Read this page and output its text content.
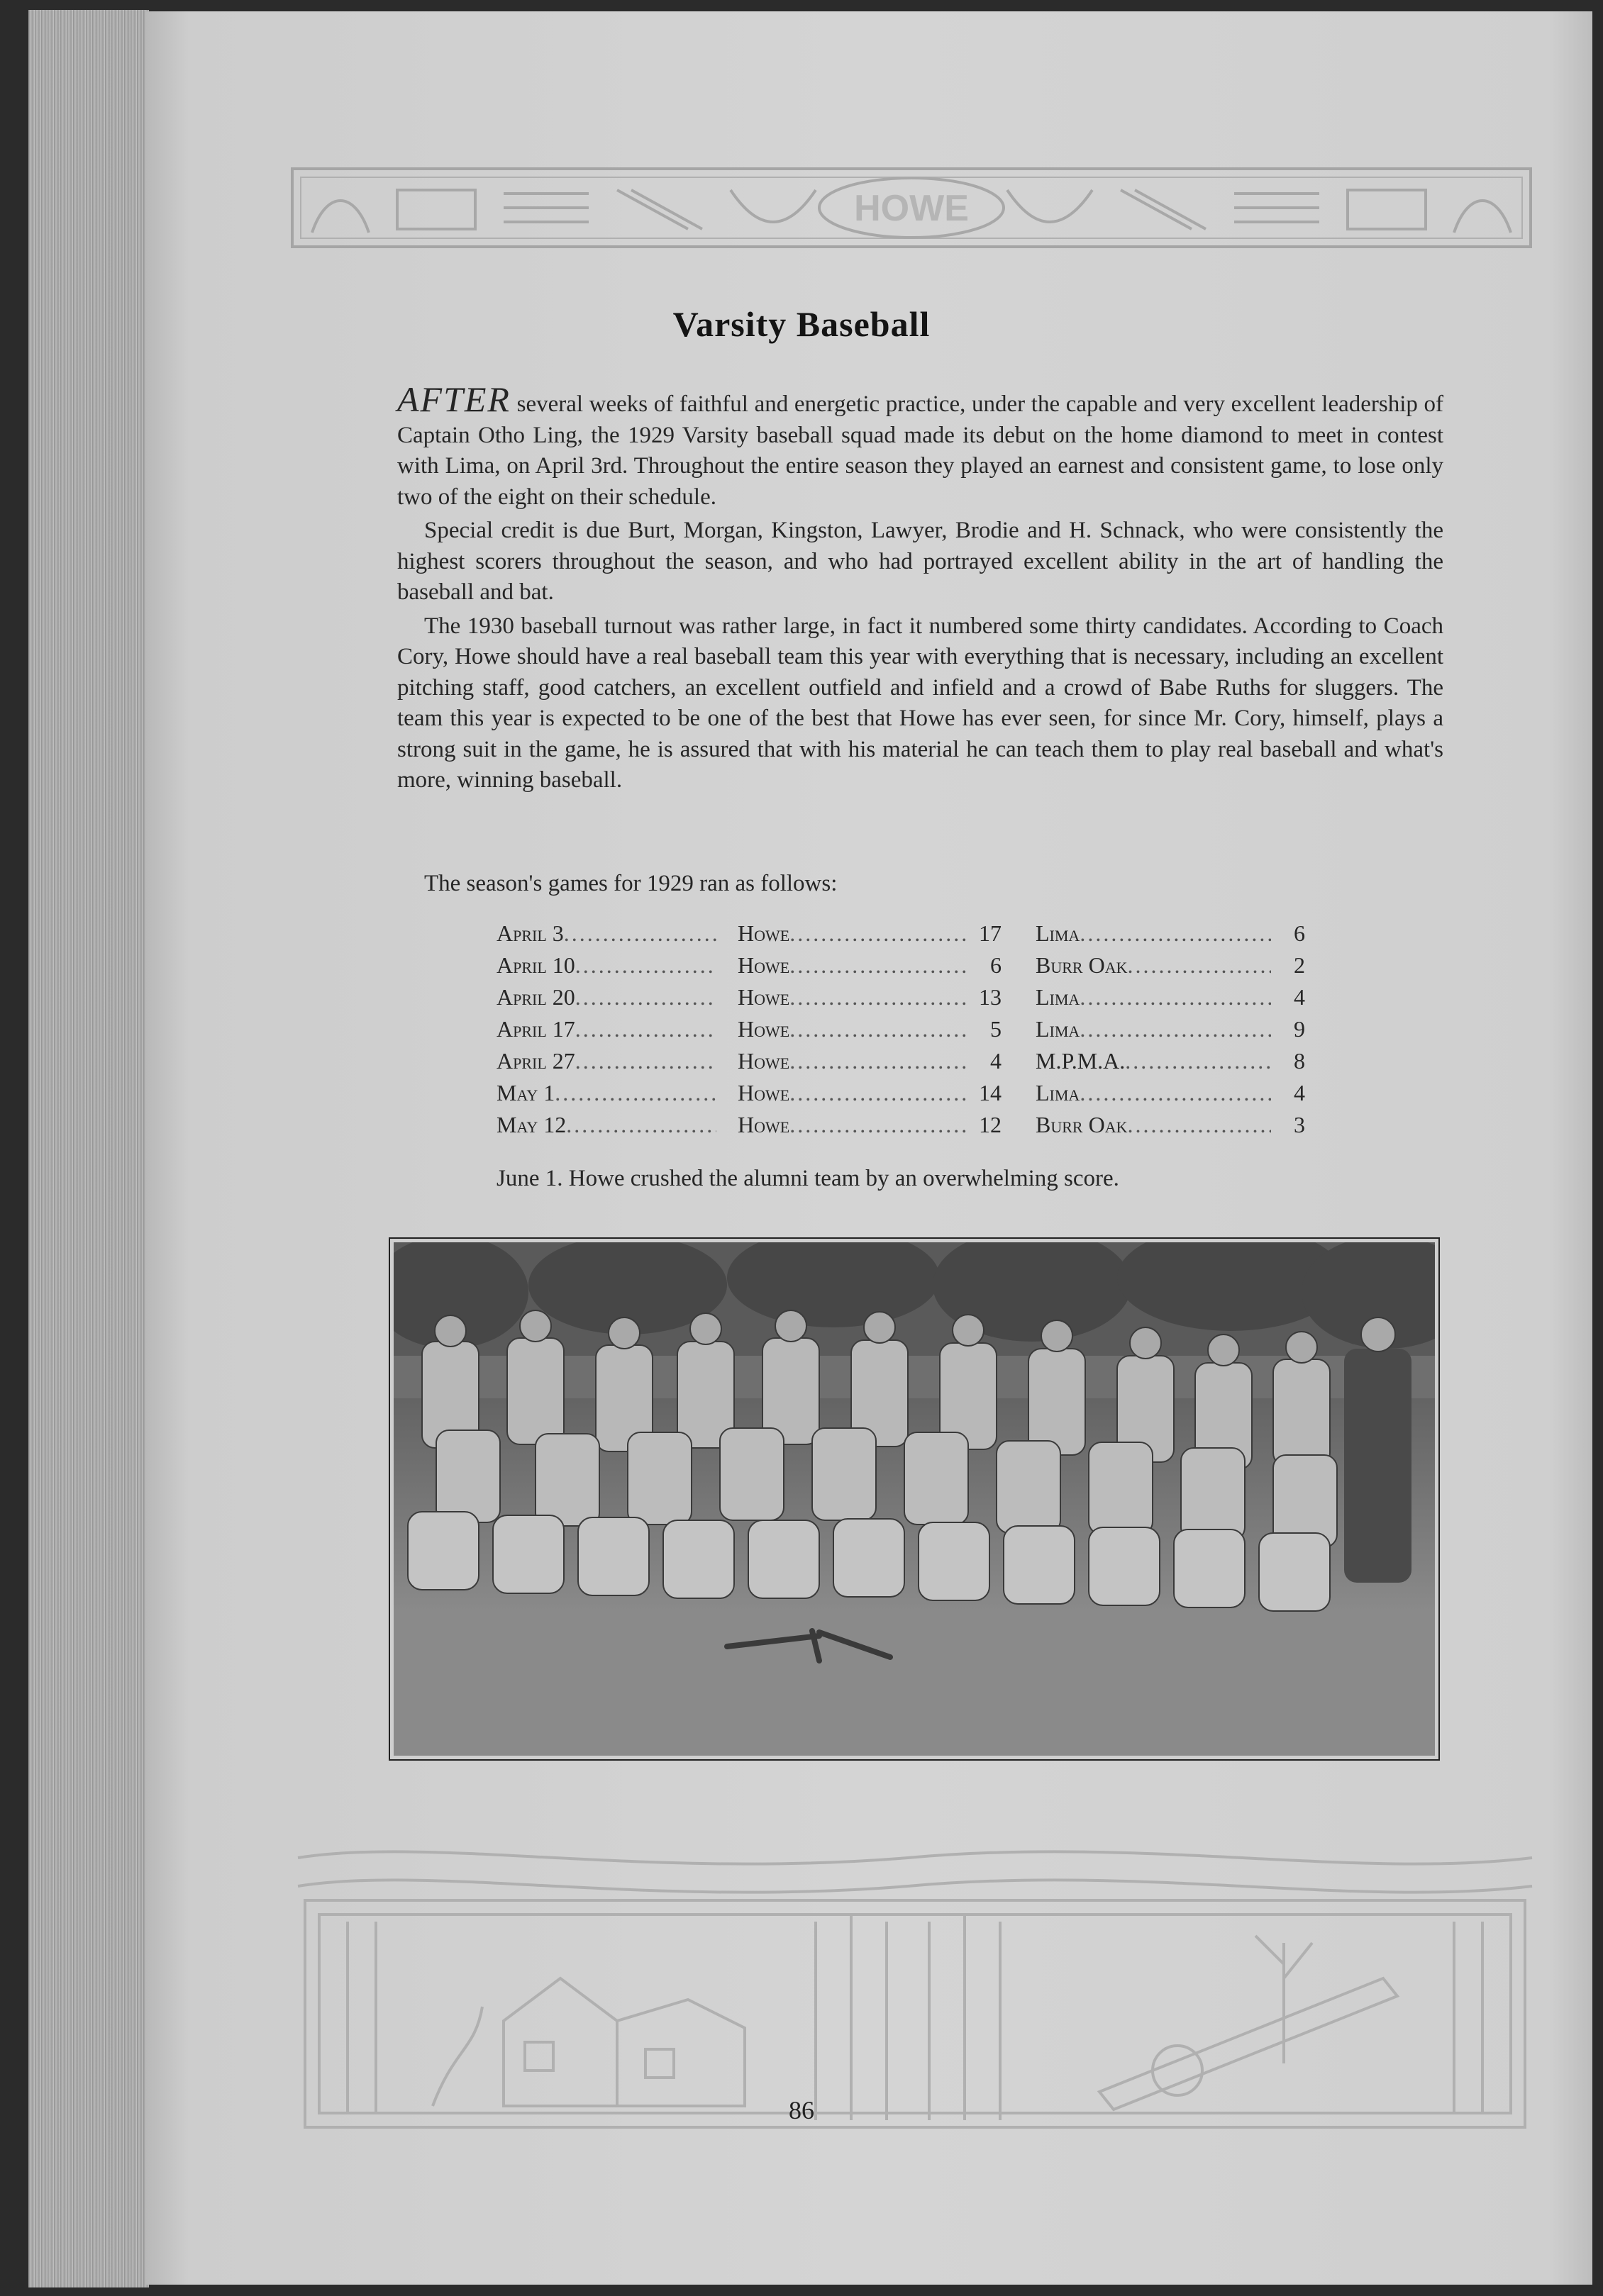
HOWE
Varsity Baseball

AFTER several weeks of faithful and energetic practice, under the capable and very excellent leadership of Captain Otho Ling, the 1929 Varsity baseball squad made its debut on the home diamond to meet in contest with Lima, on April 3rd. Throughout the entire season they played an earnest and consistent game, to lose only two of the eight on their schedule.

Special credit is due Burt, Morgan, Kingston, Lawyer, Brodie and H. Schnack, who were consistently the highest scorers throughout the season, and who had portrayed excellent ability in the art of handling the baseball and bat.

The 1930 baseball turnout was rather large, in fact it numbered some thirty candidates. According to Coach Cory, Howe should have a real baseball team this year with everything that is necessary, including an excellent pitching staff, good catchers, an excellent outfield and infield and a crowd of Babe Ruths for sluggers. The team this year is expected to be one of the best that Howe has ever seen, for since Mr. Cory, himself, plays a strong suit in the game, he is assured that with his material he can teach them to play real baseball and what's more, winning baseball.

The season's games for 1929 ran as follows:
April 3 .....	Howe .....	17 Lima .....	6
April 10 .....	Howe .....	6 Burr Oak .....	2
April 20 .....	Howe .....	13 Lima .....	4
April 17 .....	Howe .....	5 Lima .....	9
April 27 .....	Howe .....	4 M.P.M.A. .....	8
May 1 .....	Howe .....	14 Lima .....	4
May 12 .....	Howe .....	12 Burr Oak .....	3
June 1. Howe crushed the alumni team by an overwhelming score.
86
